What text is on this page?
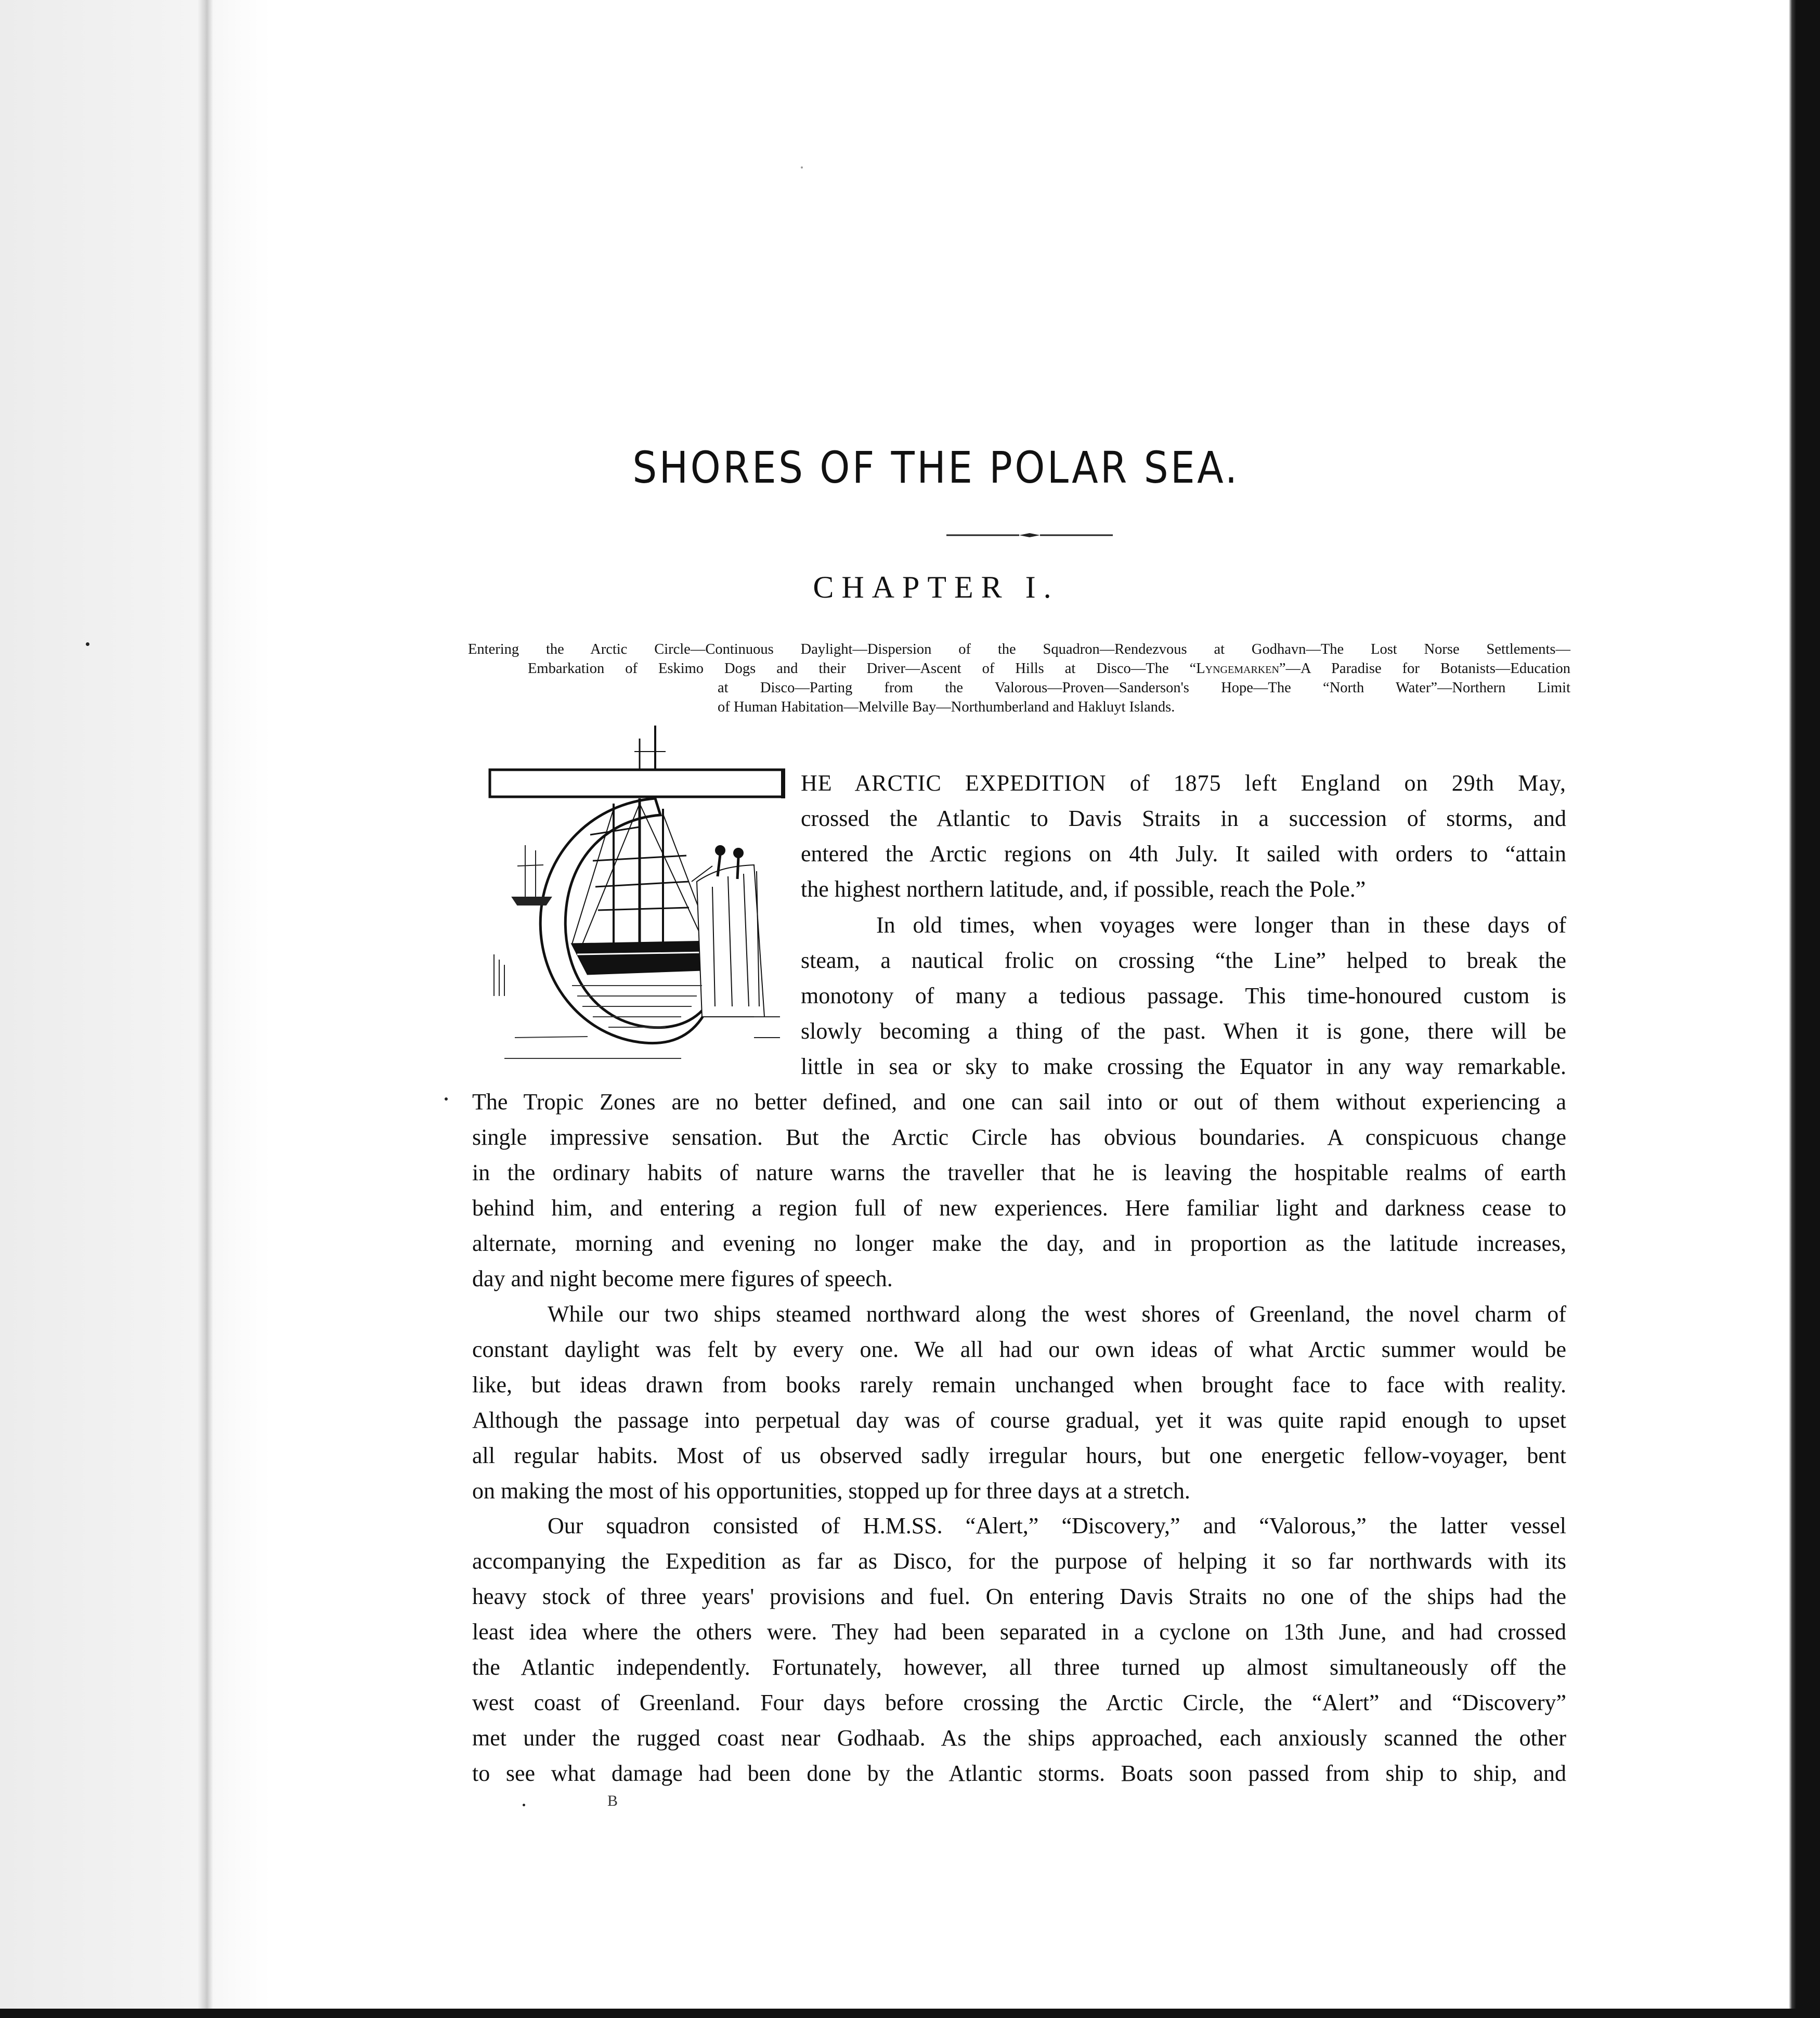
SHORES OF THE POLAR SEA.
CHAPTER I.
Entering the Arctic Circle—Continuous Daylight—Dispersion of the Squadron—Rendezvous at Godhavn—The Lost Norse Settlements—
Embarkation of Eskimo Dogs and their Driver—Ascent of Hills at Disco—The “Lyngemarken”—A Paradise for Botanists—Education
at Disco—Parting from the Valorous—Proven—Sanderson's Hope—The “North Water”—Northern Limit
of Human Habitation—Melville Bay—Northumberland and Hakluyt Islands.
HE ARCTIC EXPEDITION of 1875 left England on 29th May,
crossed the Atlantic to Davis Straits in a succession of storms, and
entered the Arctic regions on 4th July. It sailed with orders to “attain
the highest northern latitude, and, if possible, reach the Pole.”
In old times, when voyages were longer than in these days of
steam, a nautical frolic on crossing “the Line” helped to break the
monotony of many a tedious passage. This time-honoured custom is
slowly becoming a thing of the past. When it is gone, there will be
little in sea or sky to make crossing the Equator in any way remarkable.
The Tropic Zones are no better defined, and one can sail into or out of them without experiencing a
single impressive sensation. But the Arctic Circle has obvious boundaries. A conspicuous change
in the ordinary habits of nature warns the traveller that he is leaving the hospitable realms of earth
behind him, and entering a region full of new experiences. Here familiar light and darkness cease to
alternate, morning and evening no longer make the day, and in proportion as the latitude increases,
day and night become mere figures of speech.
While our two ships steamed northward along the west shores of Greenland, the novel charm of
constant daylight was felt by every one. We all had our own ideas of what Arctic summer would be
like, but ideas drawn from books rarely remain unchanged when brought face to face with reality.
Although the passage into perpetual day was of course gradual, yet it was quite rapid enough to upset
all regular habits. Most of us observed sadly irregular hours, but one energetic fellow-voyager, bent
on making the most of his opportunities, stopped up for three days at a stretch.
Our squadron consisted of H.M.SS. “Alert,” “Discovery,” and “Valorous,” the latter vessel
accompanying the Expedition as far as Disco, for the purpose of helping it so far northwards with its
heavy stock of three years' provisions and fuel. On entering Davis Straits no one of the ships had the
least idea where the others were. They had been separated in a cyclone on 13th June, and had crossed
the Atlantic independently. Fortunately, however, all three turned up almost simultaneously off the
west coast of Greenland. Four days before crossing the Arctic Circle, the “Alert” and “Discovery”
met under the rugged coast near Godhaab. As the ships approached, each anxiously scanned the other
to see what damage had been done by the Atlantic storms. Boats soon passed from ship to ship, and
B
